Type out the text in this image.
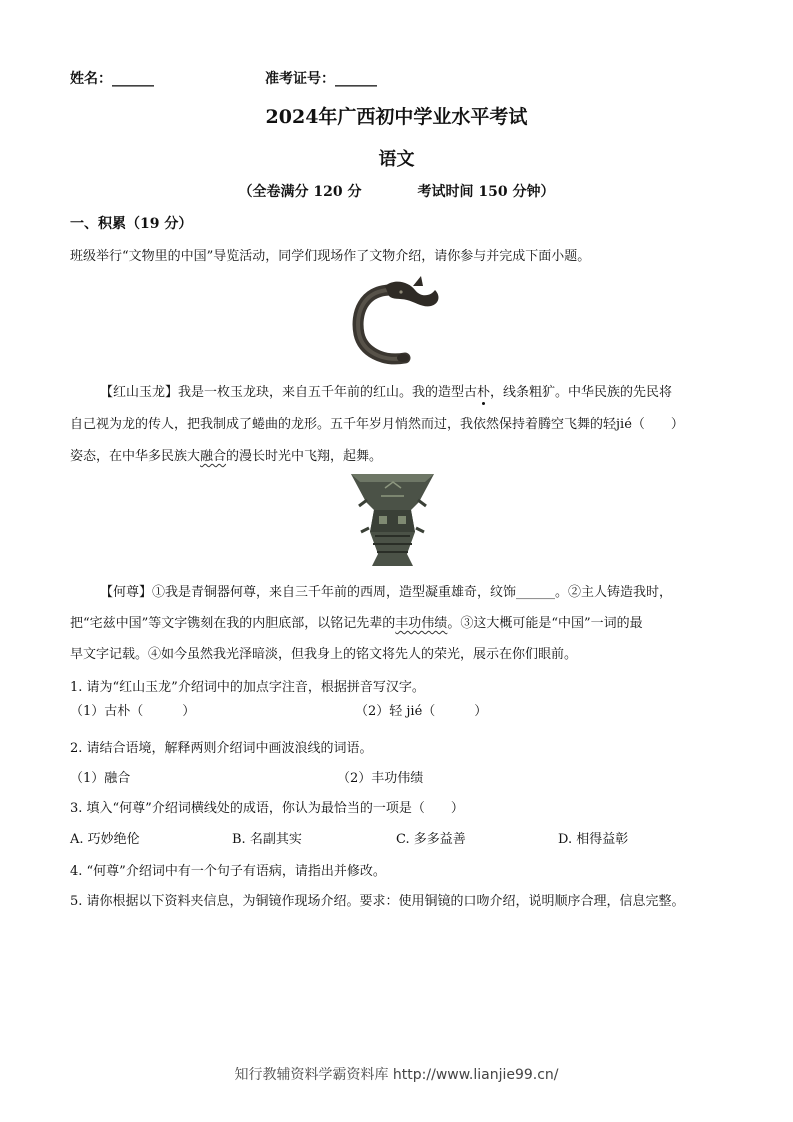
姓名：______	准考证号：______
2024年广西初中学业水平考试
语文
（全卷满分 120 分　　　　考试时间 150 分钟）
一、积累（19 分）
班级举行“文物里的中国”导览活动，同学们现场作了文物介绍，请你参与并完成下面小题。
【红山玉龙】我是一枚玉龙玦，来自五千年前的红山。我的造型古朴，线条粗犷。中华民族的先民将
自己视为龙的传人，把我制成了蜷曲的龙形。五千年岁月悄然而过，我依然保持着腾空飞舞的轻jié（　　）
姿态，在中华多民族大融合的漫长时光中飞翔，起舞。
【何尊】①我是青铜器何尊，来自三千年前的西周，造型凝重雄奇，纹饰______。②主人铸造我时，
把“宅兹中国”等文字镌刻在我的内胆底部，以铭记先辈的丰功伟绩。③这大概可能是“中国”一词的最
早文字记载。④如今虽然我光泽暗淡，但我身上的铭文将先人的荣光，展示在你们眼前。
1. 请为“红山玉龙”介绍词中的加点字注音，根据拼音写汉字。
（1）古朴（　　　）	（2）轻 jié（　　　）
2. 请结合语境，解释两则介绍词中画波浪线的词语。
（1）融合	（2）丰功伟绩
3. 填入“何尊”介绍词横线处的成语，你认为最恰当的一项是（　　）
A. 巧妙绝伦	B. 名副其实	C. 多多益善	D. 相得益彰
4. “何尊”介绍词中有一个句子有语病，请指出并修改。
5. 请你根据以下资料夹信息，为铜镜作现场介绍。要求：使用铜镜的口吻介绍，说明顺序合理，信息完整。
知行教辅资料学霸资料库 http://www.lianjie99.cn/
